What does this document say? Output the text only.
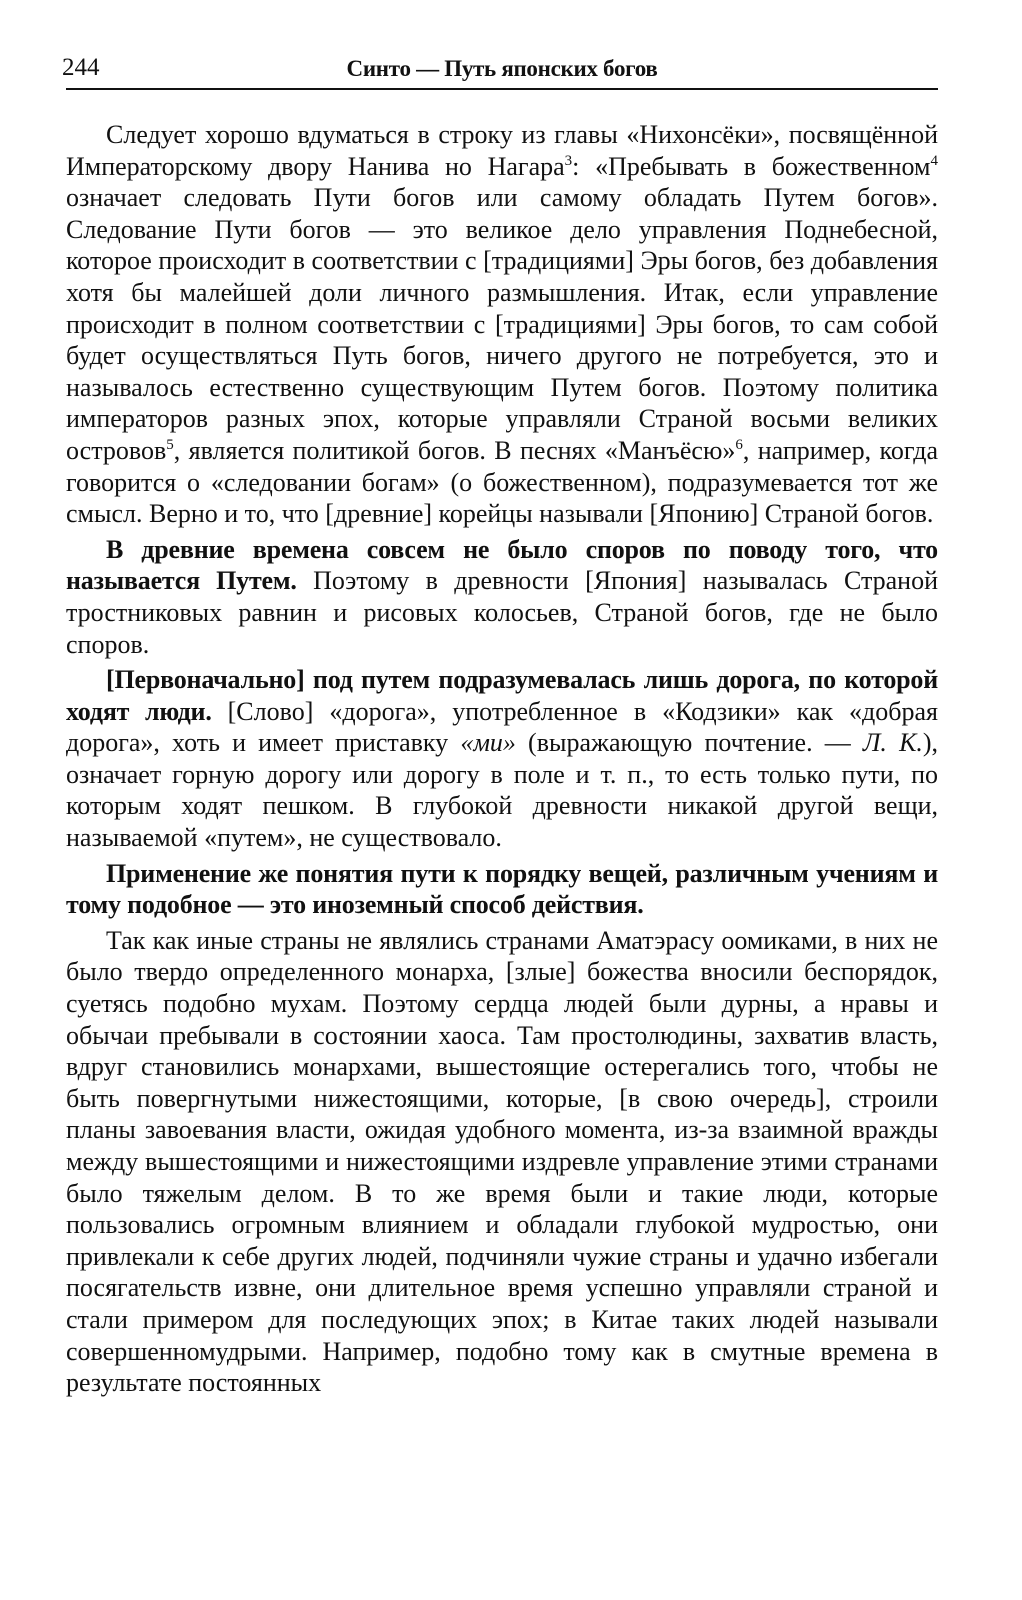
244	Синто — Путь японских богов

Следует хорошо вдуматься в строку из главы «Нихонсёки», посвящённой Императорскому двору Нанива но Нагара$^3$: «Пребывать в божественном$^4$ означает следовать Пути богов или самому обладать Путем богов». Следование Пути богов — это великое дело управления Поднебесной, которое происходит в соответствии с [традициями] Эры богов, без добавления хотя бы малейшей доли личного размышления. Итак, если управление происходит в полном соответствии с [традициями] Эры богов, то сам собой будет осуществляться Путь богов, ничего другого не потребуется, это и называлось естественно существующим Путем богов. Поэтому политика императоров разных эпох, которые управляли Страной восьми великих островов$^5$, является политикой богов. В песнях «Манъёсю»$^6$, например, когда говорится о «следовании богам» (о божественном), подразумевается тот же смысл. Верно и то, что [древние] корейцы называли [Японию] Страной богов.

В древние времена совсем не было споров по поводу того, что называется Путем. Поэтому в древности [Япония] называлась Страной тростниковых равнин и рисовых колосьев, Страной богов, где не было споров.

[Первоначально] под путем подразумевалась лишь дорога, по которой ходят люди. [Слово] «дорога», употребленное в «Кодзики» как «добрая дорога», хоть и имеет приставку «ми» (выражающую почтение. — Л. К.), означает горную дорогу или дорогу в поле и т. п., то есть только пути, по которым ходят пешком. В глубокой древности никакой другой вещи, называемой «путем», не существовало.

Применение же понятия пути к порядку вещей, различным учениям и тому подобное — это иноземный способ действия.

Так как иные страны не являлись странами Аматэрасу оомиками, в них не было твердо определенного монарха, [злые] божества вносили беспорядок, суетясь подобно мухам. Поэтому сердца людей были дурны, а нравы и обычаи пребывали в состоянии хаоса. Там простолюдины, захватив власть, вдруг становились монархами, вышестоящие остерегались того, чтобы не быть повергнутыми нижестоящими, которые, [в свою очередь], строили планы завоевания власти, ожидая удобного момента, из-за взаимной вражды между вышестоящими и нижестоящими издревле управление этими странами было тяжелым делом. В то же время были и такие люди, которые пользовались огромным влиянием и обладали глубокой мудростью, они привлекали к себе других людей, подчиняли чужие страны и удачно избегали посягательств извне, они длительное время успешно управляли страной и стали примером для последующих эпох; в Китае таких людей называли совершенномудрыми. Например, подобно тому как в смутные времена в результате постоянных
